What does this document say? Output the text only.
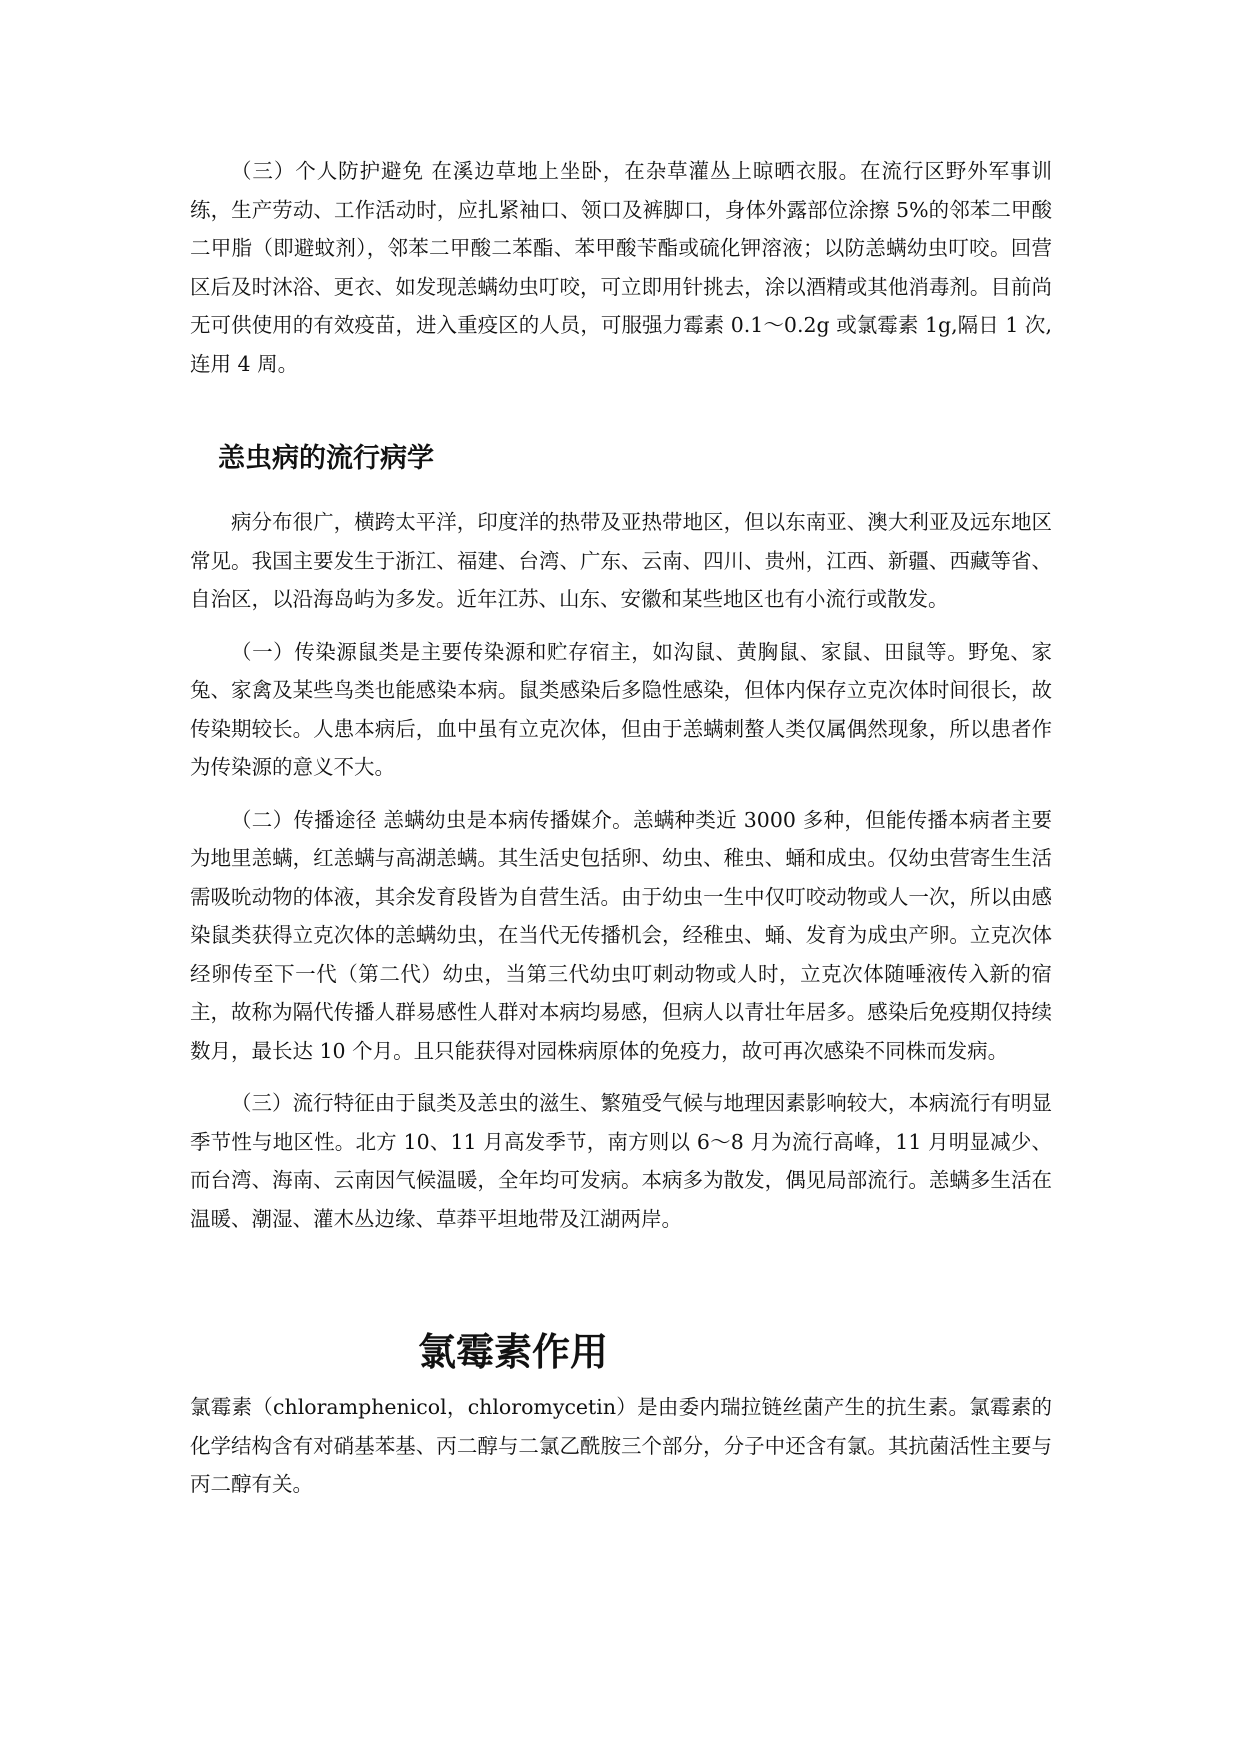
（三）个人防护避免 在溪边草地上坐卧，在杂草灌丛上晾晒衣服。在流行区野外军事训练，生产劳动、工作活动时，应扎紧袖口、领口及裤脚口，身体外露部位涂擦 5%的邻苯二甲酸二甲脂（即避蚊剂），邻苯二甲酸二苯酯、苯甲酸苄酯或硫化钾溶液；以防恙螨幼虫叮咬。回营区后及时沐浴、更衣、如发现恙螨幼虫叮咬，可立即用针挑去，涂以酒精或其他消毒剂。目前尚无可供使用的有效疫苗，进入重疫区的人员，可服强力霉素 0.1～0.2g 或氯霉素 1g,隔日 1 次,连用 4 周。

恙虫病的流行病学

病分布很广，横跨太平洋，印度洋的热带及亚热带地区，但以东南亚、澳大利亚及远东地区常见。我国主要发生于浙江、福建、台湾、广东、云南、四川、贵州，江西、新疆、西藏等省、自治区，以沿海岛屿为多发。近年江苏、山东、安徽和某些地区也有小流行或散发。

（一）传染源鼠类是主要传染源和贮存宿主，如沟鼠、黄胸鼠、家鼠、田鼠等。野兔、家兔、家禽及某些鸟类也能感染本病。鼠类感染后多隐性感染，但体内保存立克次体时间很长，故传染期较长。人患本病后，血中虽有立克次体，但由于恙螨刺螯人类仅属偶然现象，所以患者作为传染源的意义不大。

（二）传播途径 恙螨幼虫是本病传播媒介。恙螨种类近 3000 多种，但能传播本病者主要为地里恙螨，红恙螨与高湖恙螨。其生活史包括卵、幼虫、稚虫、蛹和成虫。仅幼虫营寄生生活需吸吮动物的体液，其余发育段皆为自营生活。由于幼虫一生中仅叮咬动物或人一次，所以由感染鼠类获得立克次体的恙螨幼虫，在当代无传播机会，经稚虫、蛹、发育为成虫产卵。立克次体经卵传至下一代（第二代）幼虫，当第三代幼虫叮刺动物或人时，立克次体随唾液传入新的宿主，故称为隔代传播人群易感性人群对本病均易感，但病人以青壮年居多。感染后免疫期仅持续数月，最长达 10 个月。且只能获得对园株病原体的免疫力，故可再次感染不同株而发病。

（三）流行特征由于鼠类及恙虫的滋生、繁殖受气候与地理因素影响较大，本病流行有明显季节性与地区性。北方 10、11 月高发季节，南方则以 6～8 月为流行高峰，11 月明显减少、而台湾、海南、云南因气候温暖，全年均可发病。本病多为散发，偶见局部流行。恙螨多生活在温暖、潮湿、灌木丛边缘、草莽平坦地带及江湖两岸。

氯霉素作用

氯霉素（chloramphenicol，chloromycetin）是由委内瑞拉链丝菌产生的抗生素。氯霉素的化学结构含有对硝基苯基、丙二醇与二氯乙酰胺三个部分，分子中还含有氯。其抗菌活性主要与丙二醇有关。
